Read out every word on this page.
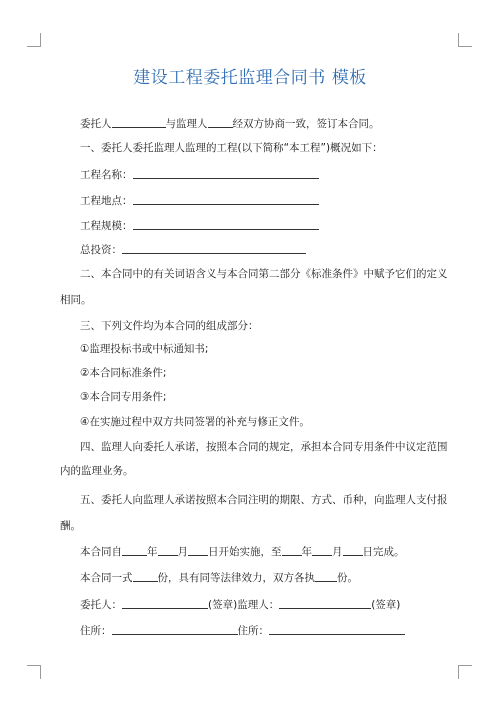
建设工程委托监理合同书 模板
委托人	与监理人 经双方协商一致，签订本合同。
一、委托人委托监理人监理的工程(以下简称“本工程”)概况如下：
工程名称：
工程地点：
工程规模：
总投资：
二、本合同中的有关词语含义与本合同第二部分《标准条件》中赋予它们的定义
相同。
三、下列文件均为本合同的组成部分：
①监理投标书或中标通知书;
②本合同标准条件;
③本合同专用条件;
④在实施过程中双方共同签署的补充与修正文件。
四、监理人向委托人承诺，按照本合同的规定，承担本合同专用条件中议定范围
内的监理业务。
五、委托人向监理人承诺按照本合同注明的期限、方式、币种，向监理人支付报
酬。
本合同自 年 月 日开始实施，至 年 月 日完成。
本合同一式 份，具有同等法律效力，双方各执 份。
委托人：	(签章)监理人：	(签章)
住所：	住所：
